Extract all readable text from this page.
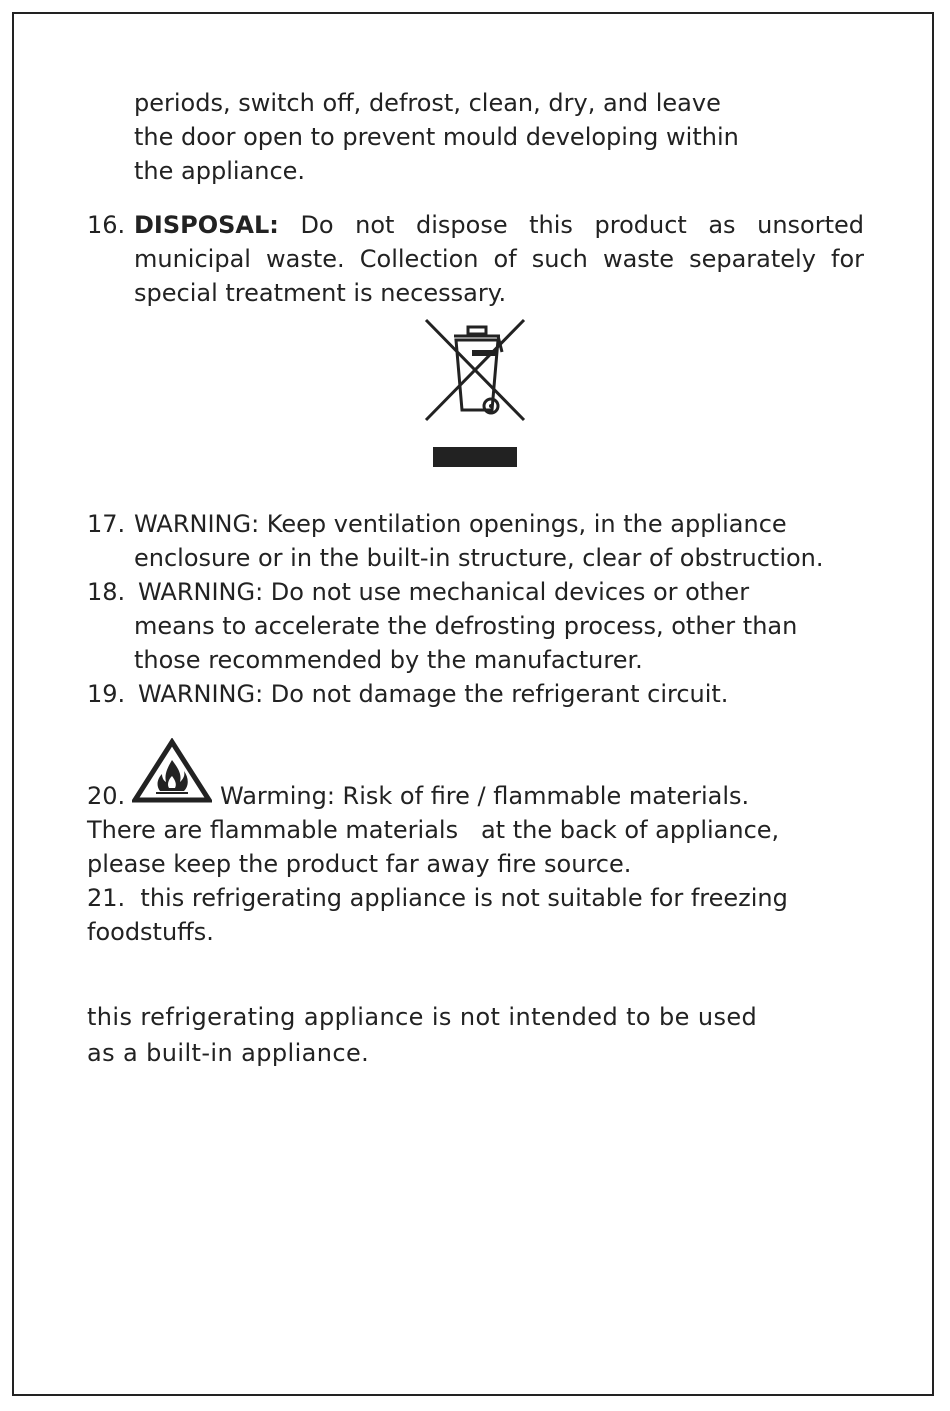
periods, switch off, defrost, clean, dry, and leave
the door open to prevent mould developing within
the appliance.
16. DISPOSAL: Do not dispose this product as unsorted
municipal waste. Collection of such waste separately for
special treatment is necessary.
17. WARNING: Keep ventilation openings, in the appliance
enclosure or in the built-in structure, clear of obstruction.
18. WARNING: Do not use mechanical devices or other
means to accelerate the defrosting process, other than
those recommended by the manufacturer.
19. WARNING: Do not damage the refrigerant circuit.
20.	Warming: Risk of fire / flammable materials.
There are flammable materials   at the back of appliance,
please keep the product far away fire source.
21.  this refrigerating appliance is not suitable for freezing
foodstuffs.
this refrigerating appliance is not intended to be used
as a built-in appliance.
